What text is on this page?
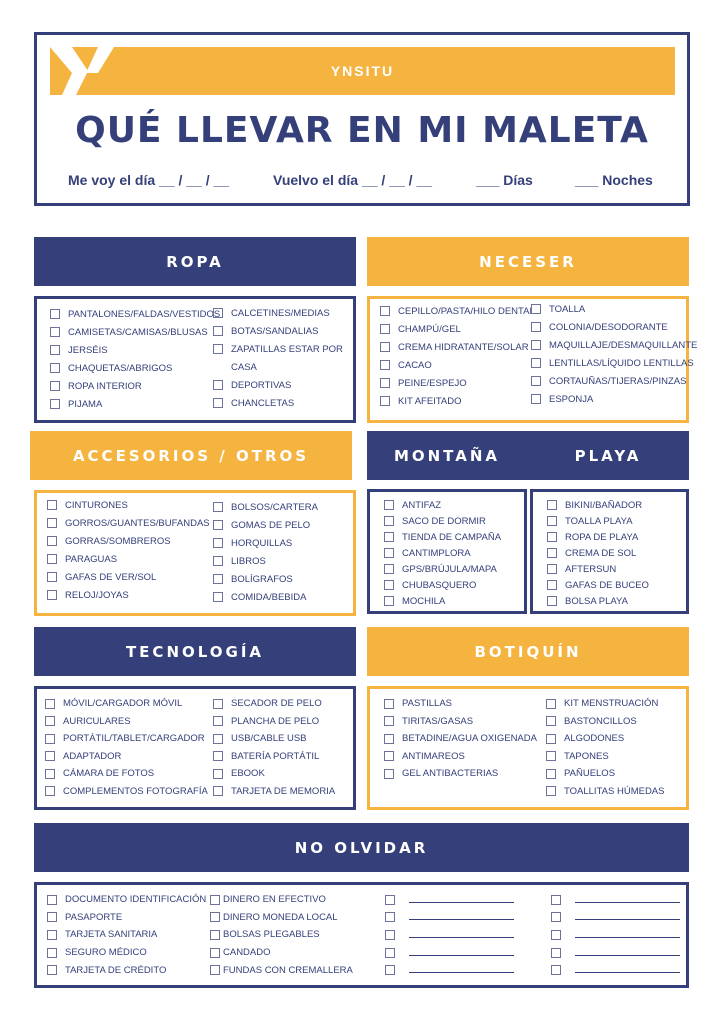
YNSITU
QUÉ LLEVAR EN MI MALETA
Me voy el día __ / __ / __	Vuelvo el día __ / __ / __	___ Días	___ Noches
ROPA
PANTALONES/FALDAS/VESTIDOS
CAMISETAS/CAMISAS/BLUSAS
JERSÉIS
CHAQUETAS/ABRIGOS
ROPA INTERIOR
PIJAMA
CALCETINES/MEDIAS
BOTAS/SANDALIAS
ZAPATILLAS ESTAR POR
CASA
DEPORTIVAS
CHANCLETAS
NECESER
CEPILLO/PASTA/HILO DENTAL
CHAMPÚ/GEL
CREMA HIDRATANTE/SOLAR
CACAO
PEINE/ESPEJO
KIT AFEITADO
TOALLA
COLONIA/DESODORANTE
MAQUILLAJE/DESMAQUILLANTE
LENTILLAS/LÍQUIDO LENTILLAS
CORTAUÑAS/TIJERAS/PINZAS
ESPONJA
ACCESORIOS / OTROS
CINTURONES
GORROS/GUANTES/BUFANDAS
GORRAS/SOMBREROS
PARAGUAS
GAFAS DE VER/SOL
RELOJ/JOYAS
BOLSOS/CARTERA
GOMAS DE PELO
HORQUILLAS
LIBROS
BOLÍGRAFOS
COMIDA/BEBIDA
MONTAÑA	PLAYA
ANTIFAZ
SACO DE DORMIR
TIENDA DE CAMPAÑA
CANTIMPLORA
GPS/BRÚJULA/MAPA
CHUBASQUERO
MOCHILA
BIKINI/BAÑADOR
TOALLA PLAYA
ROPA DE PLAYA
CREMA DE SOL
AFTERSUN
GAFAS DE BUCEO
BOLSA PLAYA
TECNOLOGÍA
MÓVIL/CARGADOR MÓVIL
AURICULARES
PORTÁTIL/TABLET/CARGADOR
ADAPTADOR
CÁMARA DE FOTOS
COMPLEMENTOS FOTOGRAFÍA
SECADOR DE PELO
PLANCHA DE PELO
USB/CABLE USB
BATERÍA PORTÁTIL
EBOOK
TARJETA DE MEMORIA
BOTIQUÍN
PASTILLAS
TIRITAS/GASAS
BETADINE/AGUA OXIGENADA
ANTIMAREOS
GEL ANTIBACTERIAS
KIT MENSTRUACIÓN
BASTONCILLOS
ALGODONES
TAPONES
PAÑUELOS
TOALLITAS HÚMEDAS
NO OLVIDAR
DOCUMENTO IDENTIFICACIÓN
PASAPORTE
TARJETA SANITARIA
SEGURO MÉDICO
TARJETA DE CRÉDITO
DINERO EN EFECTIVO
DINERO MONEDA LOCAL
BOLSAS PLEGABLES
CANDADO
FUNDAS CON CREMALLERA
